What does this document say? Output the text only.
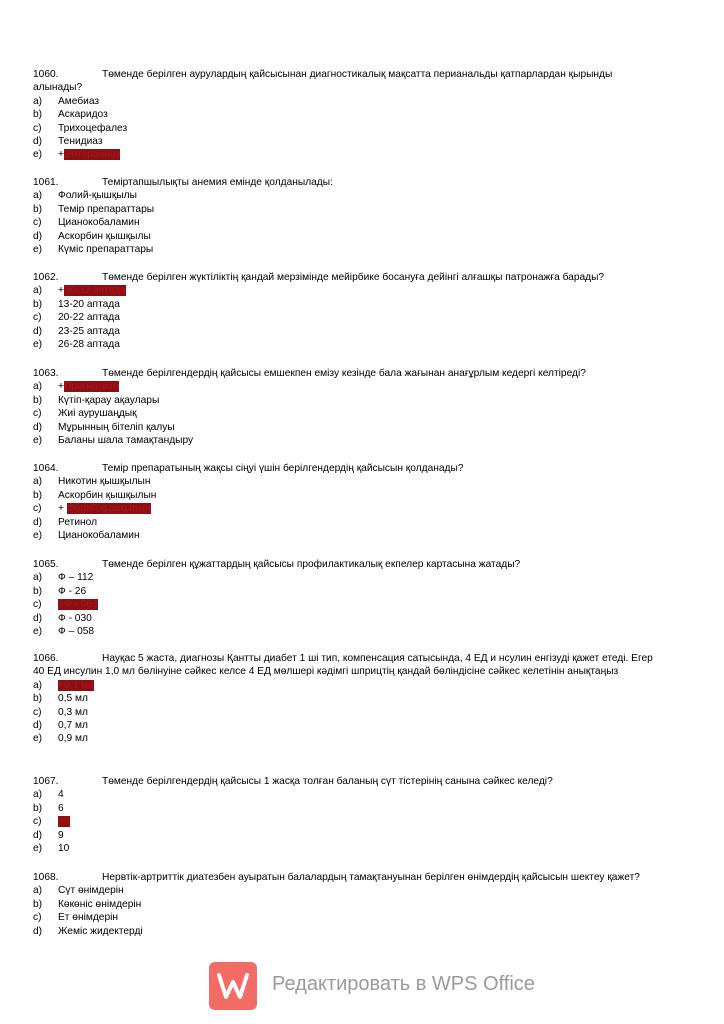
1060.	Төменде берілген аурулардың қайсысынан диагностикалық мақсатта перианальды қатпарлардан қырынды алынады?
a) Амебиаз
b) Аскаридоз
c) Трихоцефалез
d) Тенидиаз
e) +Энтеробиоз
1061.	Теміртапшылықты анемия емінде қолданылады:
a) Фолий-қышқылы
b) Темір препараттары
c) Цианокобаламин
d) Аскорбин қышқылы
e) Күміс препараттары
1062.	Төменде берілген жүктіліктің қандай мерзімінде мейірбике босануға дейінгі алғашқы патронажға барады?
a) +30-32 аптада
b) 13-20 аптада
c) 20-22 аптада
d) 23-25 аптада
e) 26-28 аптада
1063.	Төменде берілгендердің қайсысы емшекпен емізу кезінде бала жағынан анағұрлым кедергі келтіреді?
a) +Прогнатизм
b) Күтіп-қарау ақаулары
c) Жиі аурушаңдық
d) Мұрынның бітеліп қалуы
e) Баланы шала тамақтандыру
1064.	Темір препаратының жақсы сіңуі үшін берілгендердің қайсысын қолданады?
a) Никотин қышқылын
b) Аскорбин қышқылын
c) + Фолий қышқылын
d) Ретинол
e) Цианокобаламин
1065.	Төменде берілген құжаттардың қайсысы профилактикалық екпелер картасына жатады?
a) Ф – 112
b) Ф - 26
c) +Ф - 063
d) Ф - 030
e) Ф – 058
1066.	Науқас 5 жаста, диагнозы Қантты диабет 1 ші тип, компенсация сатысында, 4 ЕД и нсулин енгізуді қажет етеді. Егер 40 ЕД инсулин 1,0 мл бөлінуіне сәйкес келсе 4 ЕД мөлшері кәдімгі шприцтің қандай бөліндісіне сәйкес келетінін анықтаңыз
a) +0,1 мл
b) 0,5 мл
c) 0,3 мл
d) 0,7 мл
e) 0,9 мл
1067.	Төменде берілгендердің қайсысы 1 жасқа толған баланың сүт тістерінің санына сәйкес келеді?
a) 4
b) 6
c) +8
d) 9
e) 10
1068.	Нервтік-артриттік диатезбен ауыратын балалардың тамақтануынан берілген өнімдердің қайсысын шектеу қажет?
a) Сүт өнімдерін
b) Көкөніс өнімдерін
c) Ет өнімдерін
d) Жеміс жидектерді
Редактировать в WPS Office
